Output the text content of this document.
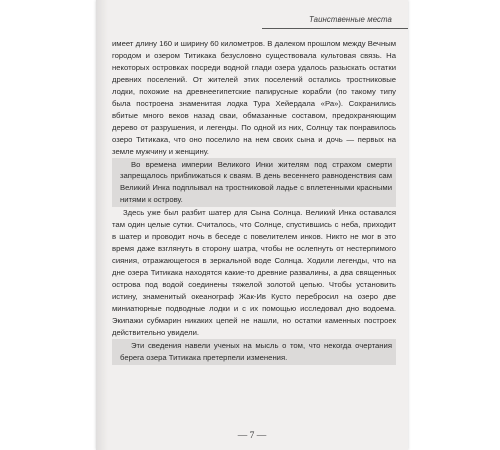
Таинственные места

имеет длину 160 и ширину 60 километров. В далеком прошлом между Вечным городом и озером Титикака безусловно существовала культовая связь. На некоторых островках посреди водной глади озера удалось разыскать остатки древних поселений. От жителей этих поселений остались тростниковые лодки, похожие на древнеегипетские папирусные корабли (по такому типу была построена знаменитая лодка Тура Хейердала «Ра»). Сохранились вбитые много веков назад сваи, обмазанные составом, предохраняющим дерево от разрушения, и легенды. По одной из них, Солнцу так понравилось озеро Титикака, что оно поселило на нем своих сына и дочь — первых на земле мужчину и женщину.

Во времена империи Великого Инки жителям под страхом смерти запрещалось приближаться к сваям. В день весеннего равноденствия сам Великий Инка подплывал на тростниковой ладье с вплетенными красными нитями к острову.

Здесь уже был разбит шатер для Сына Солнца. Великий Инка оставался там один целые сутки. Считалось, что Солнце, спустившись с неба, приходит в шатер и проводит ночь в беседе с повелителем инков. Никто не мог в это время даже взглянуть в сторону шатра, чтобы не ослепнуть от нестерпимого сияния, отражающегося в зеркальной воде Солнца. Ходили легенды, что на дне озера Титикака находятся какие-то древние развалины, а два священных острова под водой соединены тяжелой золотой цепью. Чтобы установить истину, знаменитый океанограф Жак-Ив Кусто перебросил на озеро две миниатюрные подводные лодки и с их помощью исследовал дно водоема. Экипажи субмарин никаких цепей не нашли, но остатки каменных построек действительно увидели.

Эти сведения навели ученых на мысль о том, что некогда очертания берега озера Титикака претерпели изменения.

— 7 —
